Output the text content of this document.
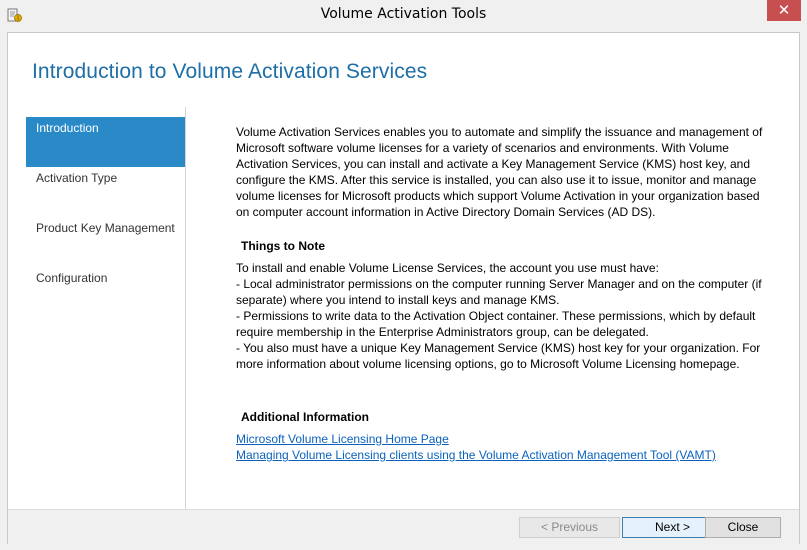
Volume Activation Tools	✕
Introduction to Volume Activation Services
Introduction
Activation Type
Product Key Management
Configuration

Volume Activation Services enables you to automate and simplify the issuance and management of Microsoft software volume licenses for a variety of scenarios and environments. With Volume Activation Services, you can install and activate a Key Management Service (KMS) host key, and configure the KMS. After this service is installed, you can also use it to issue, monitor and manage volume licenses for Microsoft products which support Volume Activation in your organization based on computer account information in Active Directory Domain Services (AD DS).

Things to Note
To install and enable Volume License Services, the account you use must have:
- Local administrator permissions on the computer running Server Manager and on the computer (if separate) where you intend to install keys and manage KMS.
- Permissions to write data to the Activation Object container. These permissions, which by default require membership in the Enterprise Administrators group, can be delegated.
- You also must have a unique Key Management Service (KMS) host key for your organization. For more information about volume licensing options, go to Microsoft Volume Licensing homepage.
Additional Information
Microsoft Volume Licensing Home Page
Managing Volume Licensing clients using the Volume Activation Management Tool (VAMT)
< Previous	Next >	Close
